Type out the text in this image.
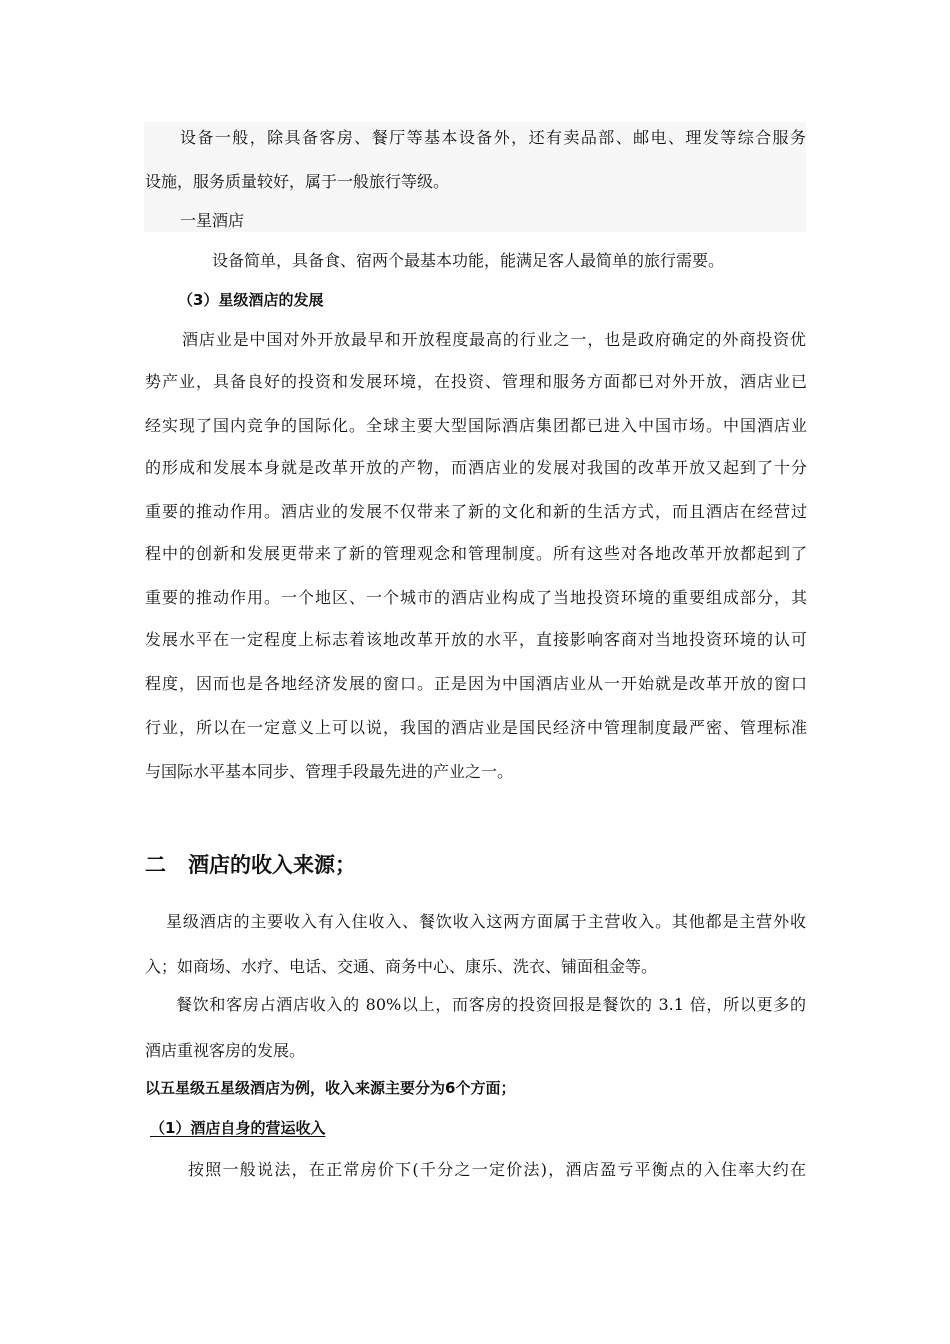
设备一般，除具备客房、餐厅等基本设备外，还有卖品部、邮电、理发等综合服务
设施，服务质量较好，属于一般旅行等级。
一星酒店
设备简单，具备食、宿两个最基本功能，能满足客人最简单的旅行需要。
（3）星级酒店的发展
酒店业是中国对外开放最早和开放程度最高的行业之一，也是政府确定的外商投资优
势产业，具备良好的投资和发展环境，在投资、管理和服务方面都已对外开放，酒店业已
经实现了国内竞争的国际化。全球主要大型国际酒店集团都已进入中国市场。中国酒店业
的形成和发展本身就是改革开放的产物，而酒店业的发展对我国的改革开放又起到了十分
重要的推动作用。酒店业的发展不仅带来了新的文化和新的生活方式，而且酒店在经营过
程中的创新和发展更带来了新的管理观念和管理制度。所有这些对各地改革开放都起到了
重要的推动作用。一个地区、一个城市的酒店业构成了当地投资环境的重要组成部分，其
发展水平在一定程度上标志着该地改革开放的水平，直接影响客商对当地投资环境的认可
程度，因而也是各地经济发展的窗口。正是因为中国酒店业从一开始就是改革开放的窗口
行业，所以在一定意义上可以说，我国的酒店业是国民经济中管理制度最严密、管理标准
与国际水平基本同步、管理手段最先进的产业之一。
二 酒店的收入来源；
星级酒店的主要收入有入住收入、餐饮收入这两方面属于主营收入。其他都是主营外收
入；如商场、水疗、电话、交通、商务中心、康乐、洗衣、铺面租金等。
餐饮和客房占酒店收入的 80%以上，而客房的投资回报是餐饮的 3.1 倍，所以更多的
酒店重视客房的发展。
以五星级五星级酒店为例，收入来源主要分为6个方面；
（1）酒店自身的营运收入
按照一般说法，在正常房价下(千分之一定价法)，酒店盈亏平衡点的入住率大约在
